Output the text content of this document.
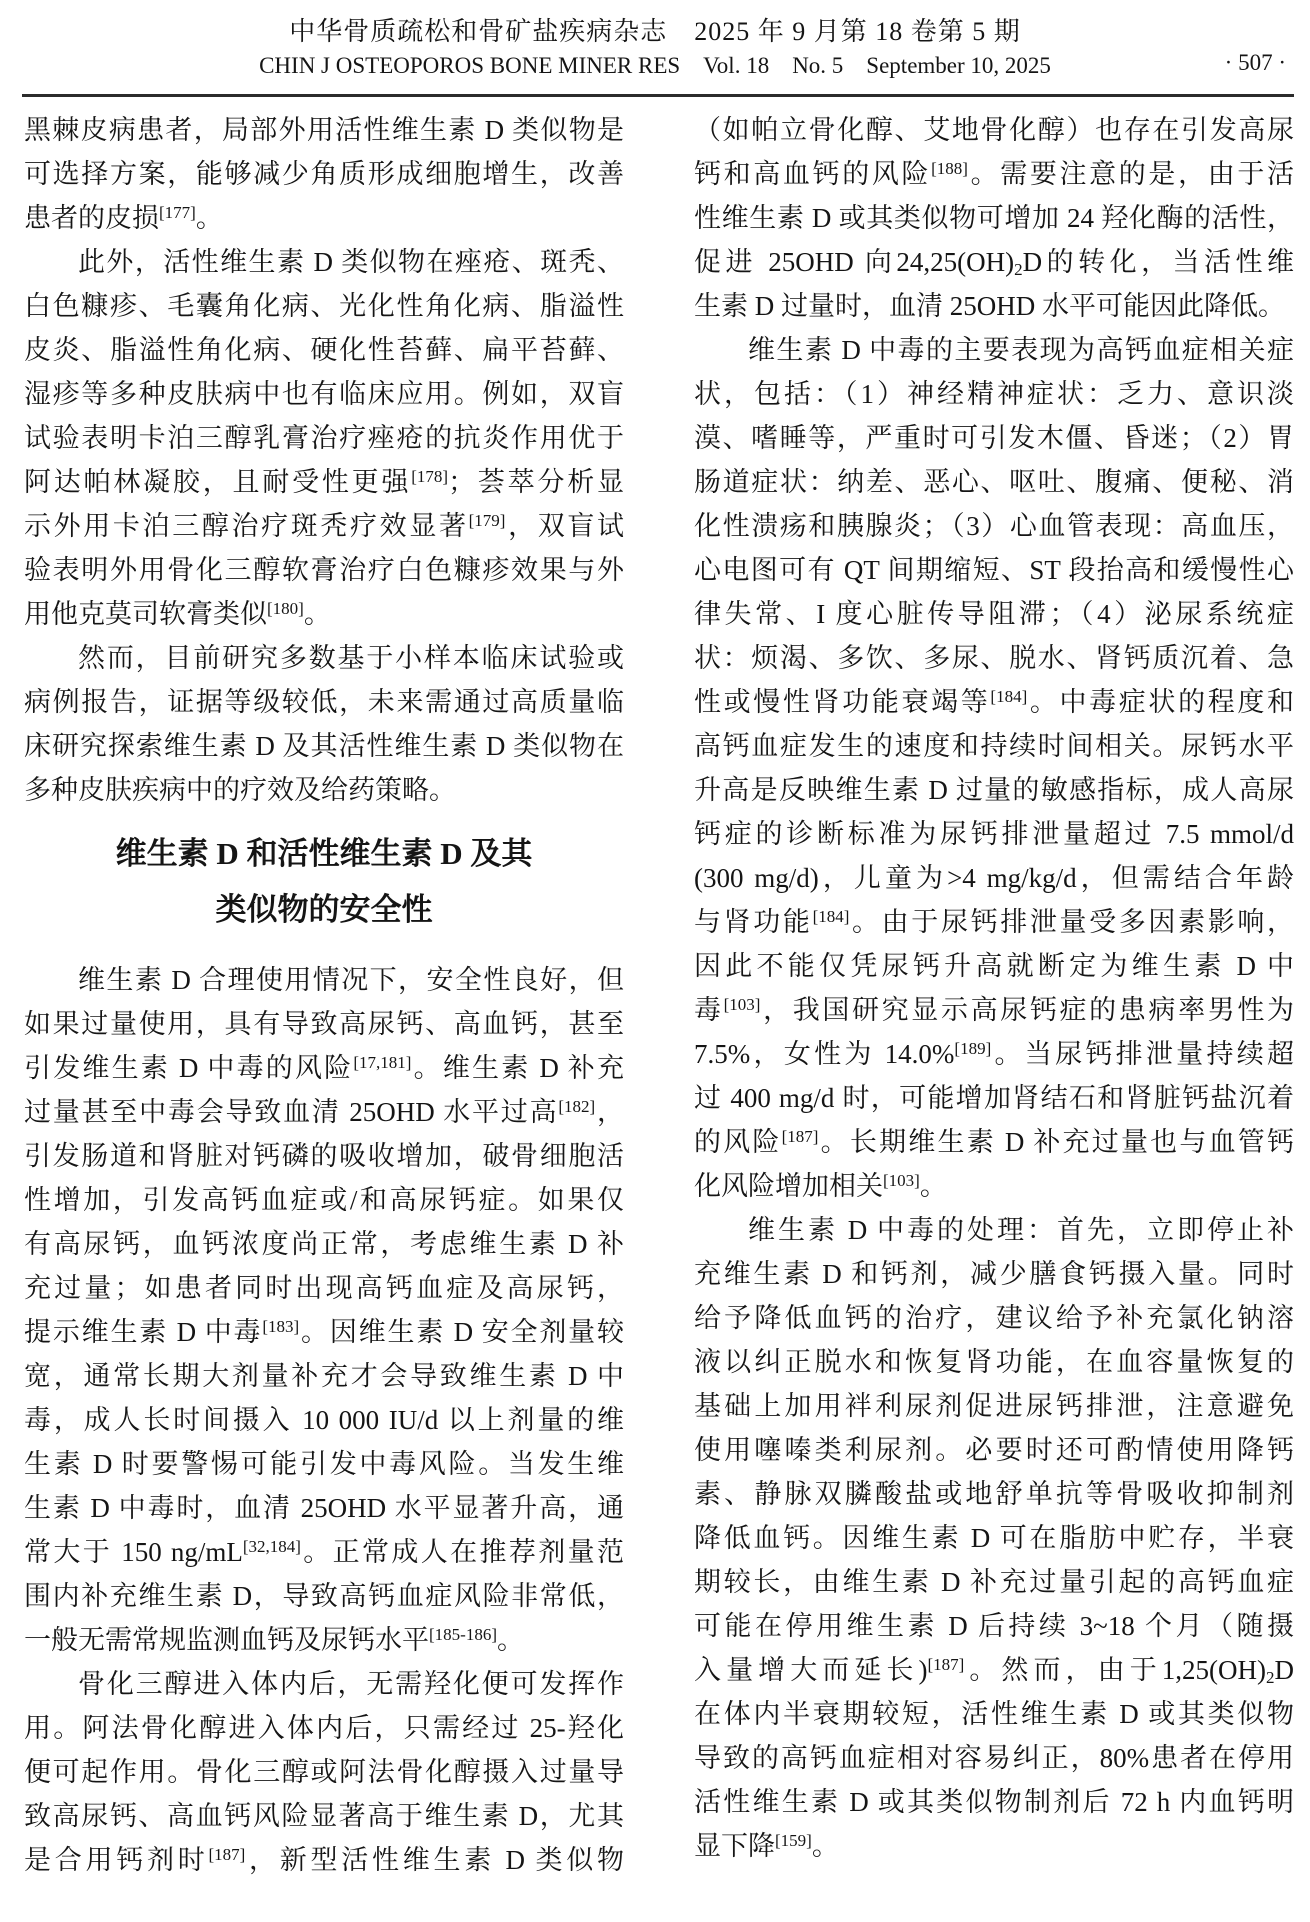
中华骨质疏松和骨矿盐疾病杂志　2025 年 9 月第 18 卷第 5 期
CHIN J OSTEOPOROS BONE MINER RES　Vol. 18　No. 5　September 10, 2025	· 507 ·
黑棘皮病患者，局部外用活性维生素 D 类似物是
可选择方案，能够减少角质形成细胞增生，改善
患者的皮损[177]。
此外，活性维生素 D 类似物在痤疮、斑秃、
白色糠疹、毛囊角化病、光化性角化病、脂溢性
皮炎、脂溢性角化病、硬化性苔藓、扁平苔藓、
湿疹等多种皮肤病中也有临床应用。例如，双盲
试验表明卡泊三醇乳膏治疗痤疮的抗炎作用优于
阿达帕林凝胶，且耐受性更强[178]；荟萃分析显
示外用卡泊三醇治疗斑秃疗效显著[179]，双盲试
验表明外用骨化三醇软膏治疗白色糠疹效果与外
用他克莫司软膏类似[180]。
然而，目前研究多数基于小样本临床试验或
病例报告，证据等级较低，未来需通过高质量临
床研究探索维生素 D 及其活性维生素 D 类似物在
多种皮肤疾病中的疗效及给药策略。
维生素 D 和活性维生素 D 及其
类似物的安全性
维生素 D 合理使用情况下，安全性良好，但
如果过量使用，具有导致高尿钙、高血钙，甚至
引发维生素 D 中毒的风险[17,181]。维生素 D 补充
过量甚至中毒会导致血清 25OHD 水平过高[182]，
引发肠道和肾脏对钙磷的吸收增加，破骨细胞活
性增加，引发高钙血症或/和高尿钙症。如果仅
有高尿钙，血钙浓度尚正常，考虑维生素 D 补
充过量；如患者同时出现高钙血症及高尿钙，
提示维生素 D 中毒[183]。因维生素 D 安全剂量较
宽，通常长期大剂量补充才会导致维生素 D 中
毒，成人长时间摄入 10 000 IU/d 以上剂量的维
生素 D 时要警惕可能引发中毒风险。当发生维
生素 D 中毒时，血清 25OHD 水平显著升高，通
常大于 150 ng/mL[32,184]。正常成人在推荐剂量范
围内补充维生素 D，导致高钙血症风险非常低，
一般无需常规监测血钙及尿钙水平[185-186]。
骨化三醇进入体内后，无需羟化便可发挥作
用。阿法骨化醇进入体内后，只需经过 25-羟化
便可起作用。骨化三醇或阿法骨化醇摄入过量导
致高尿钙、高血钙风险显著高于维生素 D，尤其
是合用钙剂时[187]，新型活性维生素 D 类似物
（如帕立骨化醇、艾地骨化醇）也存在引发高尿
钙和高血钙的风险[188]。需要注意的是，由于活
性维生素 D 或其类似物可增加 24 羟化酶的活性，
促进 25OHD 向$24,25(OH)_2D$的转化，当活性维
生素 D 过量时，血清 25OHD 水平可能因此降低。
维生素 D 中毒的主要表现为高钙血症相关症
状，包括：（1）神经精神症状：乏力、意识淡
漠、嗜睡等，严重时可引发木僵、昏迷；（2）胃
肠道症状：纳差、恶心、呕吐、腹痛、便秘、消
化性溃疡和胰腺炎；（3）心血管表现：高血压，
心电图可有 QT 间期缩短、ST 段抬高和缓慢性心
律失常、I 度心脏传导阻滞；（4）泌尿系统症
状：烦渴、多饮、多尿、脱水、肾钙质沉着、急
性或慢性肾功能衰竭等[184]。中毒症状的程度和
高钙血症发生的速度和持续时间相关。尿钙水平
升高是反映维生素 D 过量的敏感指标，成人高尿
钙症的诊断标准为尿钙排泄量超过 7.5 mmol/d
(300 mg/d)，儿童为>4 mg/kg/d，但需结合年龄
与肾功能[184]。由于尿钙排泄量受多因素影响，
因此不能仅凭尿钙升高就断定为维生素 D 中
毒[103]，我国研究显示高尿钙症的患病率男性为
7.5%，女性为 14.0%[189]。当尿钙排泄量持续超
过 400 mg/d 时，可能增加肾结石和肾脏钙盐沉着
的风险[187]。长期维生素 D 补充过量也与血管钙
化风险增加相关[103]。
维生素 D 中毒的处理：首先，立即停止补
充维生素 D 和钙剂，减少膳食钙摄入量。同时
给予降低血钙的治疗，建议给予补充氯化钠溶
液以纠正脱水和恢复肾功能，在血容量恢复的
基础上加用袢利尿剂促进尿钙排泄，注意避免
使用噻嗪类利尿剂。必要时还可酌情使用降钙
素、静脉双膦酸盐或地舒单抗等骨吸收抑制剂
降低血钙。因维生素 D 可在脂肪中贮存，半衰
期较长，由维生素 D 补充过量引起的高钙血症
可能在停用维生素 D 后持续 3~18 个月（随摄
入量增大而延长)[187]。然而，由于$1,25(OH)_2D$
在体内半衰期较短，活性维生素 D 或其类似物
导致的高钙血症相对容易纠正，80%患者在停用
活性维生素 D 或其类似物制剂后 72 h 内血钙明
显下降[159]。
